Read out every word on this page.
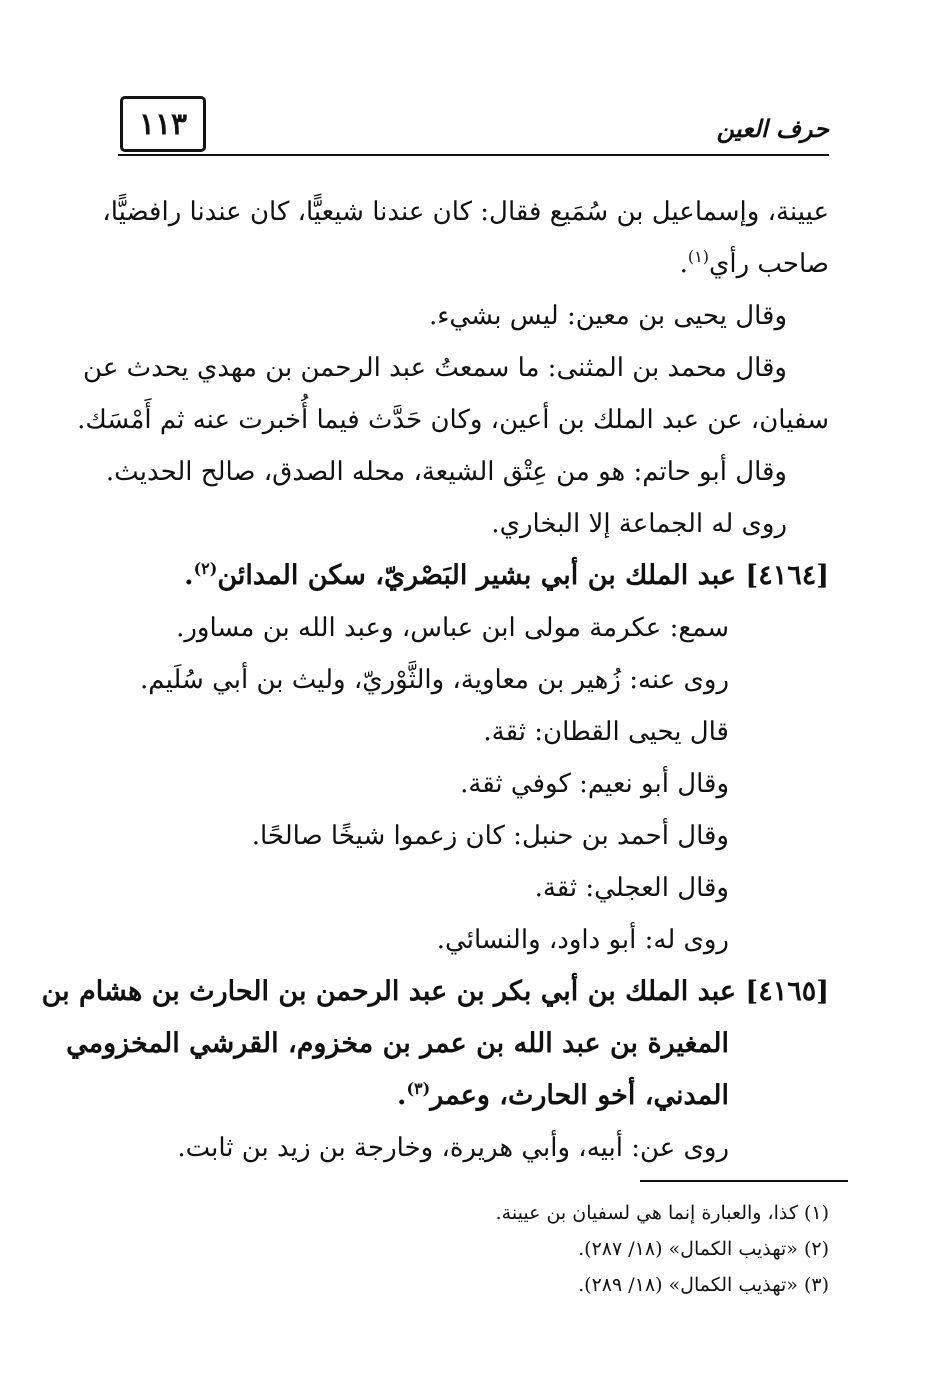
١١٣	حرف العين
عيينة، وإسماعيل بن سُمَيع فقال: كان عندنا شيعيًّا، كان عندنا رافضيًّا،
صاحب رأي$^{(١)}$.
وقال يحيى بن معين: ليس بشيء.
وقال محمد بن المثنى: ما سمعتُ عبد الرحمن بن مهدي يحدث عن
سفيان، عن عبد الملك بن أعين، وكان حَدَّث فيما أُخبرت عنه ثم أَمْسَك.
وقال أبو حاتم: هو من عِتْق الشيعة، محله الصدق، صالح الحديث.
روى له الجماعة إلا البخاري.
[٤١٦٤] عبد الملك بن أبي بشير البَصْريّ، سكن المدائن$^{(٢)}$.
سمع: عكرمة مولى ابن عباس، وعبد الله بن مساور.
روى عنه: زُهير بن معاوية، والثَّوْريّ، وليث بن أبي سُلَيم.
قال يحيى القطان: ثقة.
وقال أبو نعيم: كوفي ثقة.
وقال أحمد بن حنبل: كان زعموا شيخًا صالحًا.
وقال العجلي: ثقة.
روى له: أبو داود، والنسائي.
[٤١٦٥] عبد الملك بن أبي بكر بن عبد الرحمن بن الحارث بن هشام بن
المغيرة بن عبد الله بن عمر بن مخزوم، القرشي المخزومي
المدني، أخو الحارث، وعمر$^{(٣)}$.
روى عن: أبيه، وأبي هريرة، وخارجة بن زيد بن ثابت.
(١) كذا، والعبارة إنما هي لسفيان بن عيينة.
(٢) «تهذيب الكمال» (١٨/ ٢٨٧).
(٣) «تهذيب الكمال» (١٨/ ٢٨٩).
